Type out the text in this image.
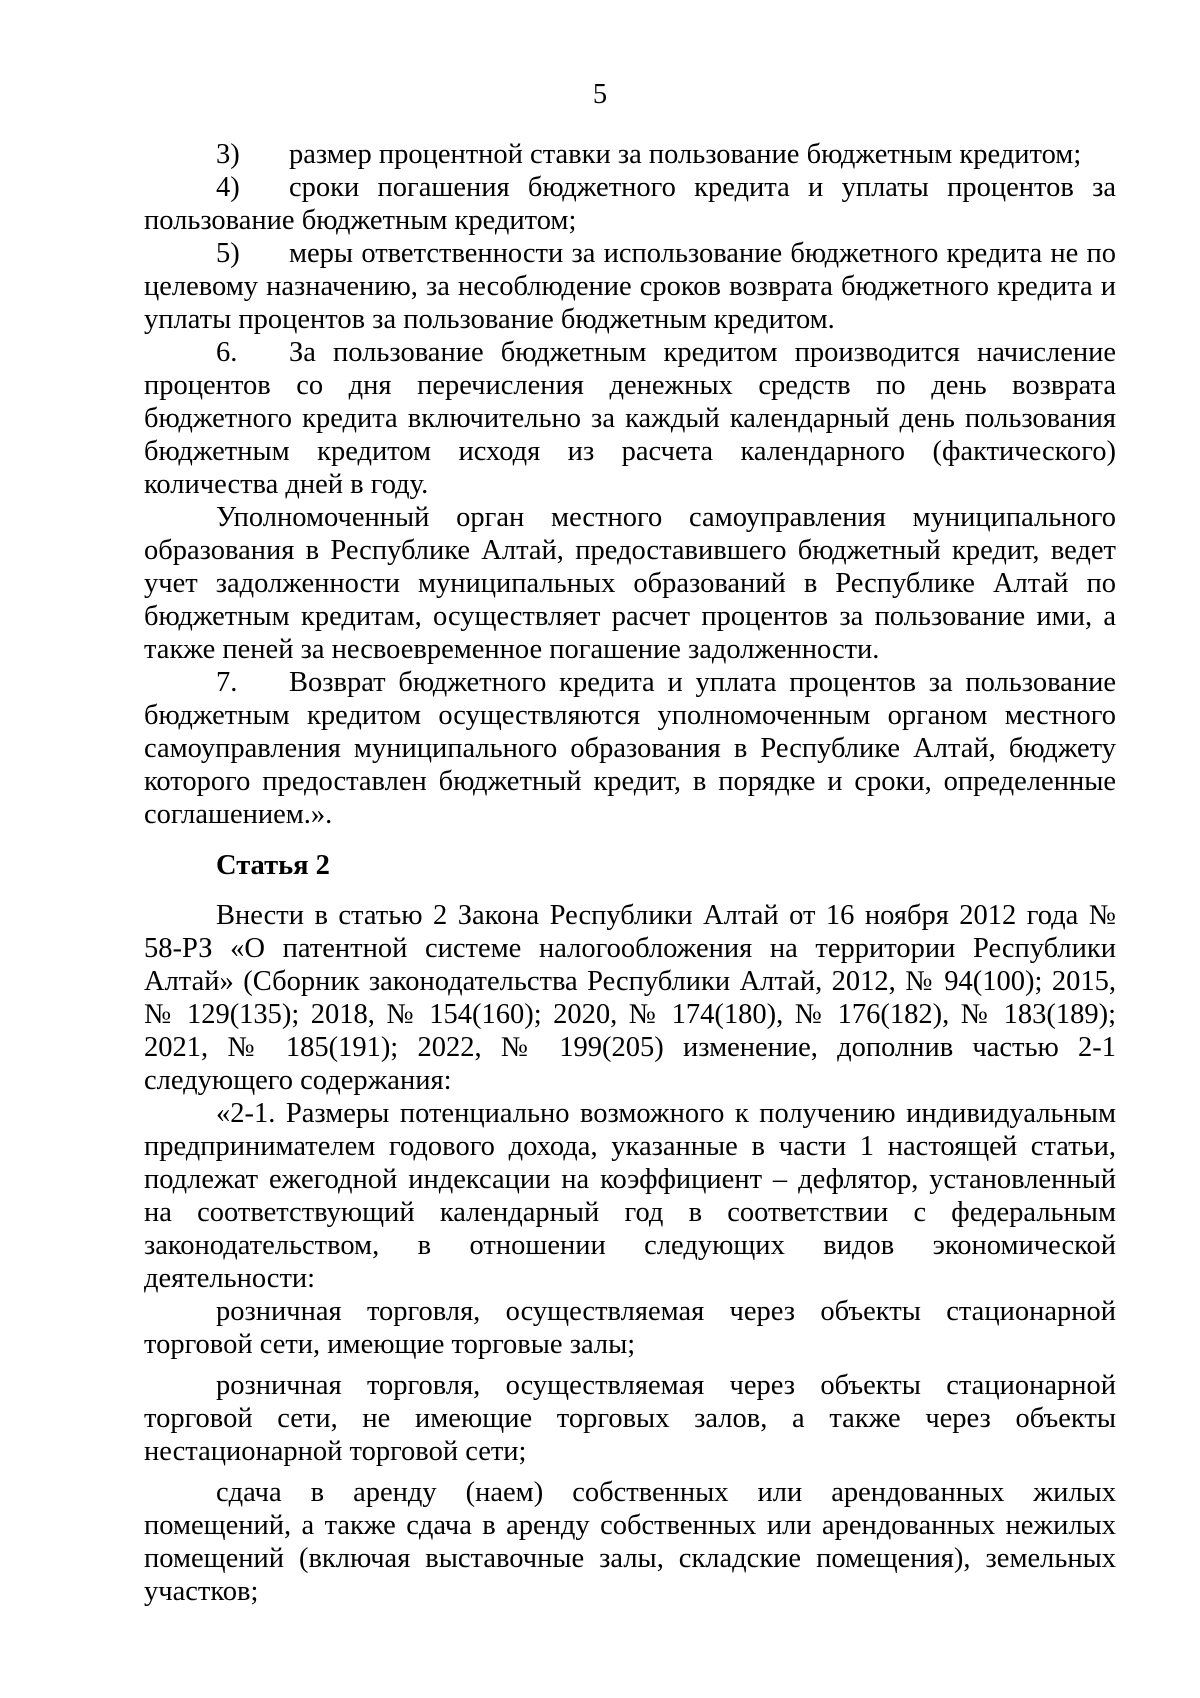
5

3) размер процентной ставки за пользование бюджетным кредитом;

4) сроки погашения бюджетного кредита и уплаты процентов за пользование бюджетным кредитом;

5) меры ответственности за использование бюджетного кредита не по целевому назначению, за несоблюдение сроков возврата бюджетного кредита и уплаты процентов за пользование бюджетным кредитом.

6. За пользование бюджетным кредитом производится начисление процентов со дня перечисления денежных средств по день возврата бюджетного кредита включительно за каждый календарный день пользования бюджетным кредитом исходя из расчета календарного (фактического) количества дней в году.

Уполномоченный орган местного самоуправления муниципального образования в Республике Алтай, предоставившего бюджетный кредит, ведет учет задолженности муниципальных образований в Республике Алтай по бюджетным кредитам, осуществляет расчет процентов за пользование ими, а также пеней за несвоевременное погашение задолженности.

7. Возврат бюджетного кредита и уплата процентов за пользование бюджетным кредитом осуществляются уполномоченным органом местного самоуправления муниципального образования в Республике Алтай, бюджету которого предоставлен бюджетный кредит, в порядке и сроки, определенные соглашением.».

Статья 2

Внести в статью 2 Закона Республики Алтай от 16 ноября 2012 года № 58-РЗ «О патентной системе налогообложения на территории Республики Алтай» (Сборник законодательства Республики Алтай, 2012, № 94(100); 2015, № 129(135); 2018, № 154(160); 2020, № 174(180), № 176(182), № 183(189); 2021, № 185(191); 2022, № 199(205) изменение, дополнив частью 2-1 следующего содержания:

«2-1. Размеры потенциально возможного к получению индивидуальным предпринимателем годового дохода, указанные в части 1 настоящей статьи, подлежат ежегодной индексации на коэффициент – дефлятор, установленный на соответствующий календарный год в соответствии с федеральным законодательством, в отношении следующих видов экономической деятельности:

розничная торговля, осуществляемая через объекты стационарной торговой сети, имеющие торговые залы;

розничная торговля, осуществляемая через объекты стационарной торговой сети, не имеющие торговых залов, а также через объекты нестационарной торговой сети;

сдача в аренду (наем) собственных или арендованных жилых помещений, а также сдача в аренду собственных или арендованных нежилых помещений (включая выставочные залы, складские помещения), земельных участков;
